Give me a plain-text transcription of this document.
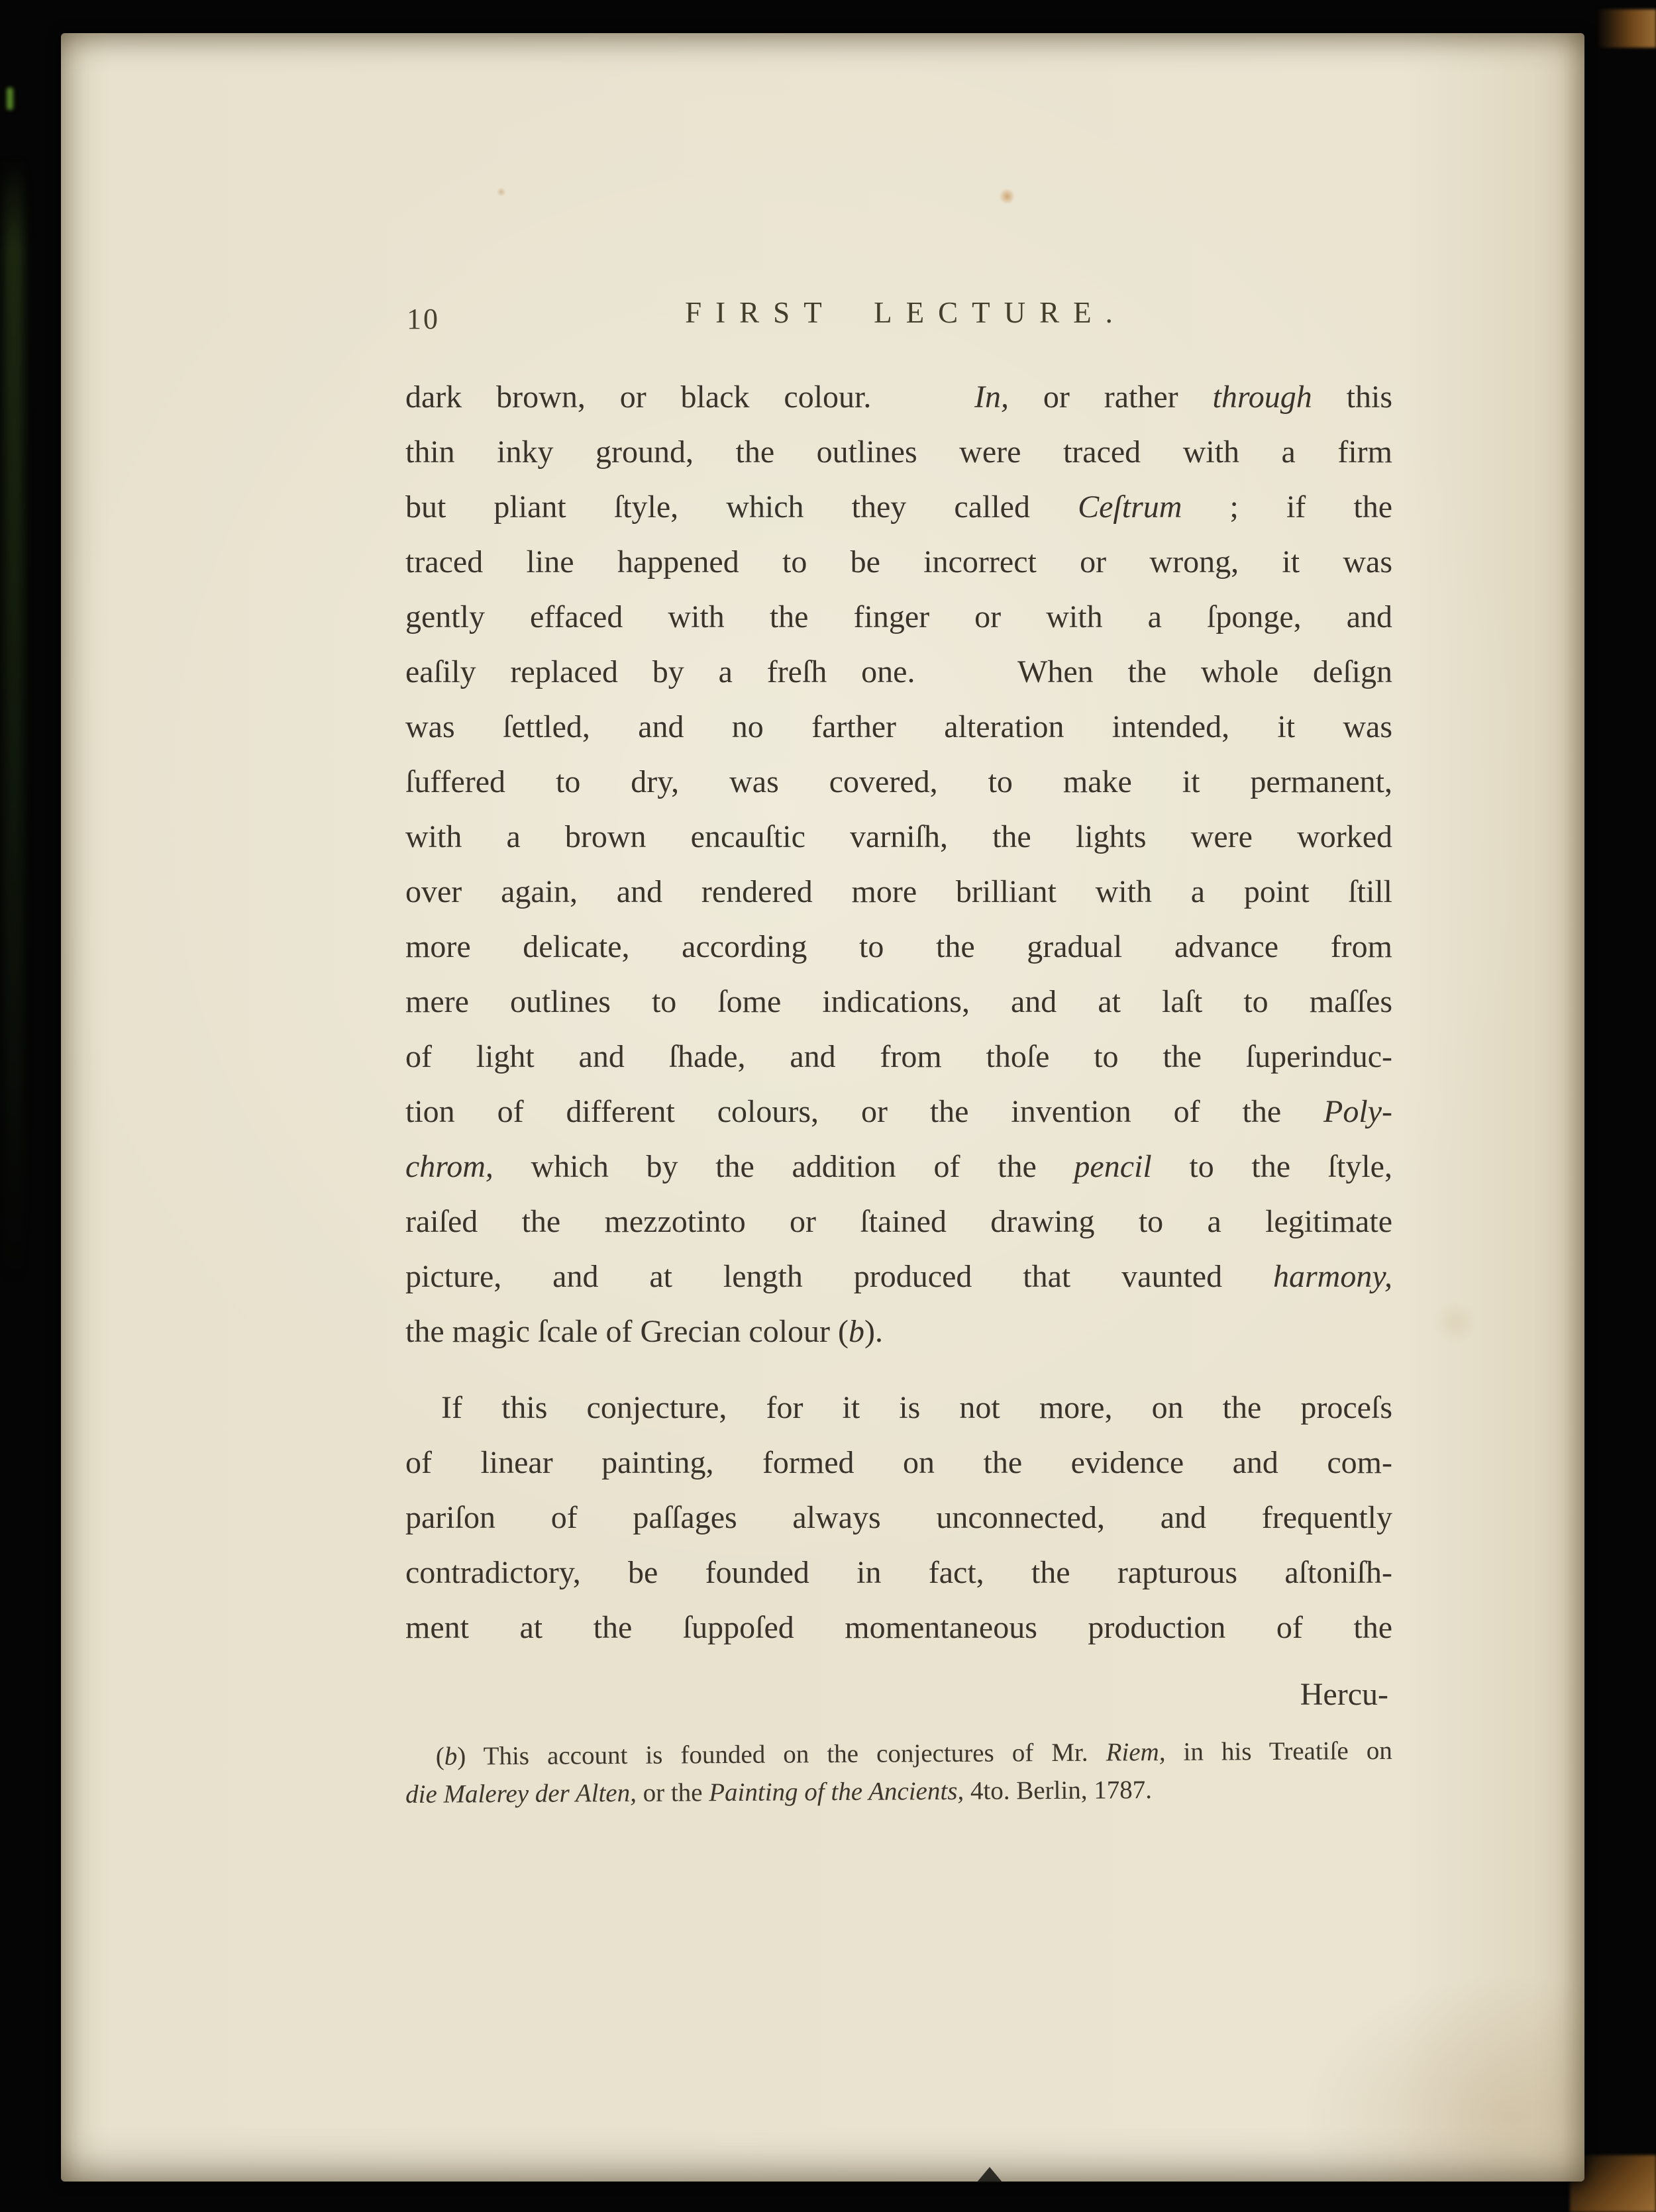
10	FIRST LECTURE.
dark brown, or black colour.   In, or rather through this
thin inky ground, the outlines were traced with a firm
but pliant ſtyle, which they called Ceſtrum ; if the
traced line happened to be incorrect or wrong, it was
gently effaced with the finger or with a ſponge, and
eaſily replaced by a freſh one.   When the whole deſign
was ſettled, and no farther alteration intended, it was
ſuffered to dry, was covered, to make it permanent,
with a brown encauſtic varniſh, the lights were worked
over again, and rendered more brilliant with a point ſtill
more delicate, according to the gradual advance from
mere outlines to ſome indications, and at laſt to maſſes
of light and ſhade, and from thoſe to the ſuperinduc-
tion of different colours, or the invention of the Poly-
chrom, which by the addition of the pencil to the ſtyle,
raiſed the mezzotinto or ſtained drawing to a legitimate
picture, and at length produced that vaunted harmony,
the magic ſcale of Grecian colour (b).
If this conjecture, for it is not more, on the proceſs
of linear painting, formed on the evidence and com-
pariſon of paſſages always unconnected, and frequently
contradictory, be founded in fact, the rapturous aſtoniſh-
ment at the ſuppoſed momentaneous production of the
Hercu-
(b) This account is founded on the conjectures of Mr. Riem, in his Treatiſe on
die Malerey der Alten, or the Painting of the Ancients, 4to. Berlin, 1787.
